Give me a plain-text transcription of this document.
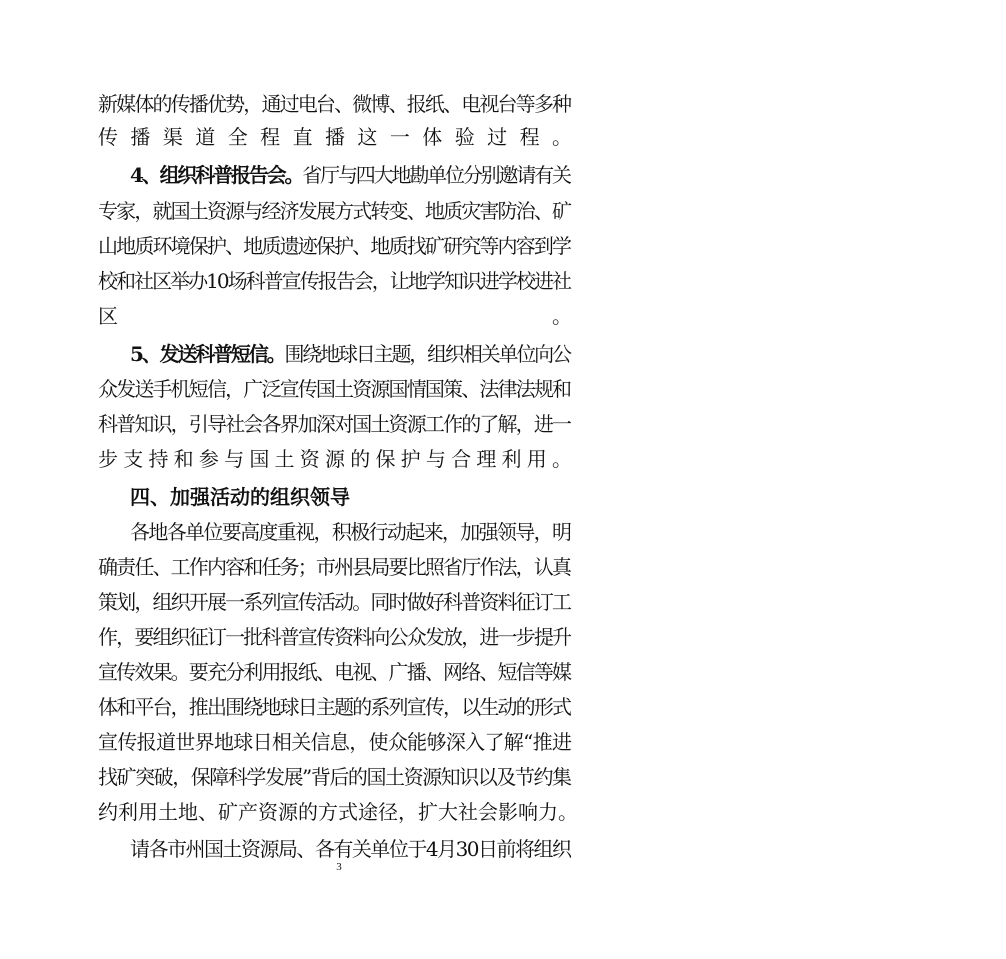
新媒体的传播优势，通过电台、微博、报纸、电视台等多种
传播渠道全程直播这一体验过程。
4、组织科普报告会。 省厅与四大地勘单位分别邀请有关
专家，就国土资源与经济发展方式转变、地质灾害防治、矿
山地质环境保护、地质遗迹保护、地质找矿研究等内容到学
校和社区举办10场科普宣传报告会，让地学知识进学校进社
区。
5、发送科普短信。 围绕地球日主题，组织相关单位向公
众发送手机短信，广泛宣传国土资源国情国策、法律法规和
科普知识，引导社会各界加深对国土资源工作的了解，进一
步支持和参与国土资源的保护与合理利用。
四、加强活动的组织领导
各地各单位要高度重视，积极行动起来，加强领导，明
确责任、工作内容和任务；市州县局要比照省厅作法，认真
策划，组织开展一系列宣传活动。同时做好科普资料征订工
作，要组织征订一批科普宣传资料向公众发放，进一步提升
宣传效果。要充分利用报纸、电视、广播、网络、短信等媒
体和平台，推出围绕地球日主题的系列宣传，以生动的形式
宣传报道世界地球日相关信息，使众能够深入了解“推进
找矿突破，保障科学发展”背后的国土资源知识以及节约集
约利用土地、矿产资源的方式途径，扩大社会影响力。
请各市州国土资源局、各有关单位于4月30日前将组织
3
